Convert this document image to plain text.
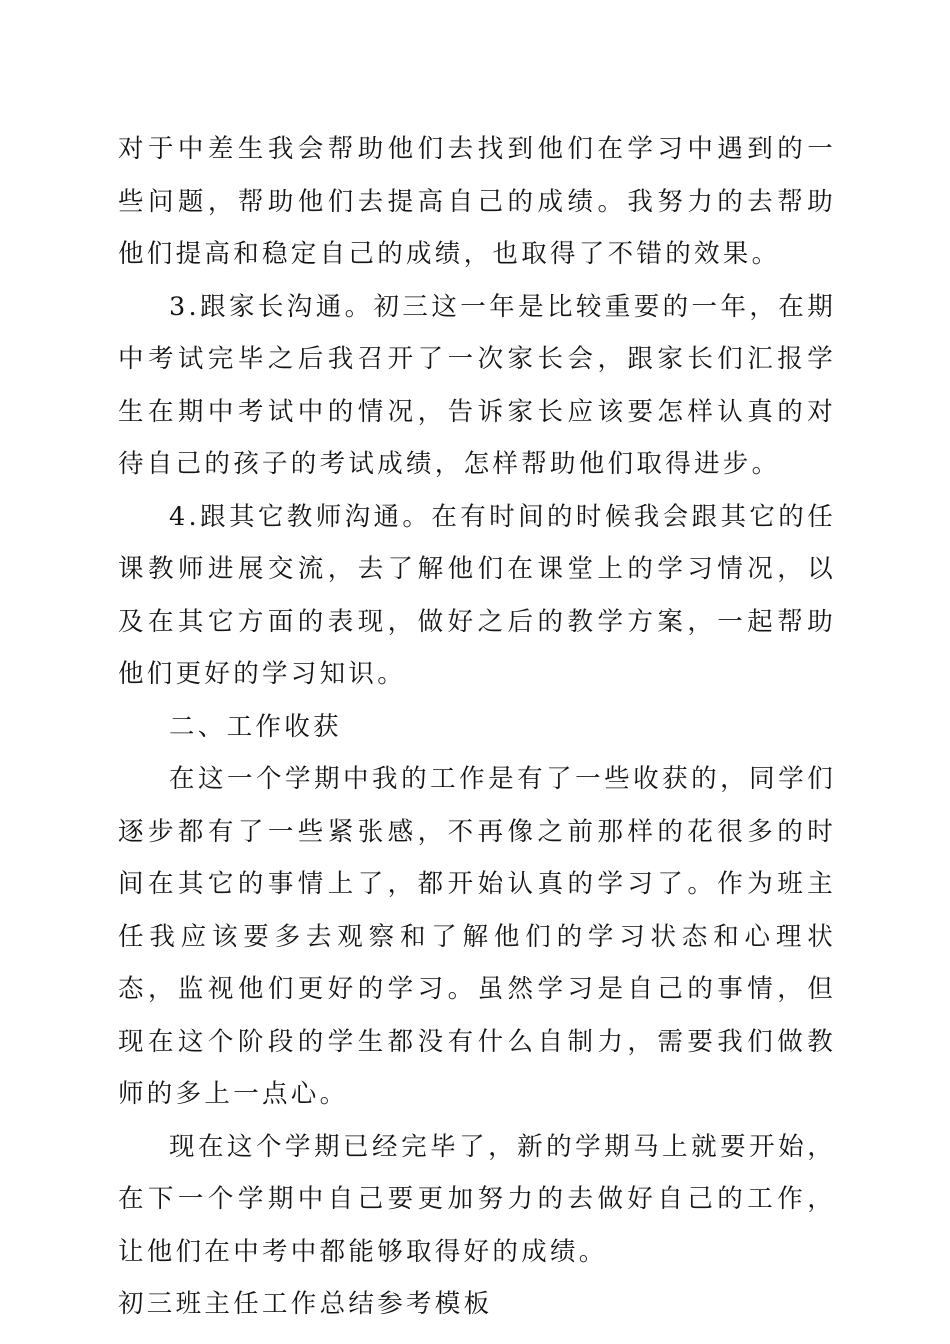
对于中差生我会帮助他们去找到他们在学习中遇到的一些问题，帮助他们去提高自己的成绩。我努力的去帮助他们提高和稳定自己的成绩，也取得了不错的效果。

3.跟家长沟通。初三这一年是比较重要的一年，在期中考试完毕之后我召开了一次家长会，跟家长们汇报学生在期中考试中的情况，告诉家长应该要怎样认真的对待自己的孩子的考试成绩，怎样帮助他们取得进步。

4.跟其它教师沟通。在有时间的时候我会跟其它的任课教师进展交流，去了解他们在课堂上的学习情况，以及在其它方面的表现，做好之后的教学方案，一起帮助他们更好的学习知识。

二、工作收获

在这一个学期中我的工作是有了一些收获的，同学们逐步都有了一些紧张感，不再像之前那样的花很多的时间在其它的事情上了，都开始认真的学习了。作为班主任我应该要多去观察和了解他们的学习状态和心理状态，监视他们更好的学习。虽然学习是自己的事情，但现在这个阶段的学生都没有什么自制力，需要我们做教师的多上一点心。

现在这个学期已经完毕了，新的学期马上就要开始，在下一个学期中自己要更加努力的去做好自己的工作，让他们在中考中都能够取得好的成绩。

初三班主任工作总结参考模板
